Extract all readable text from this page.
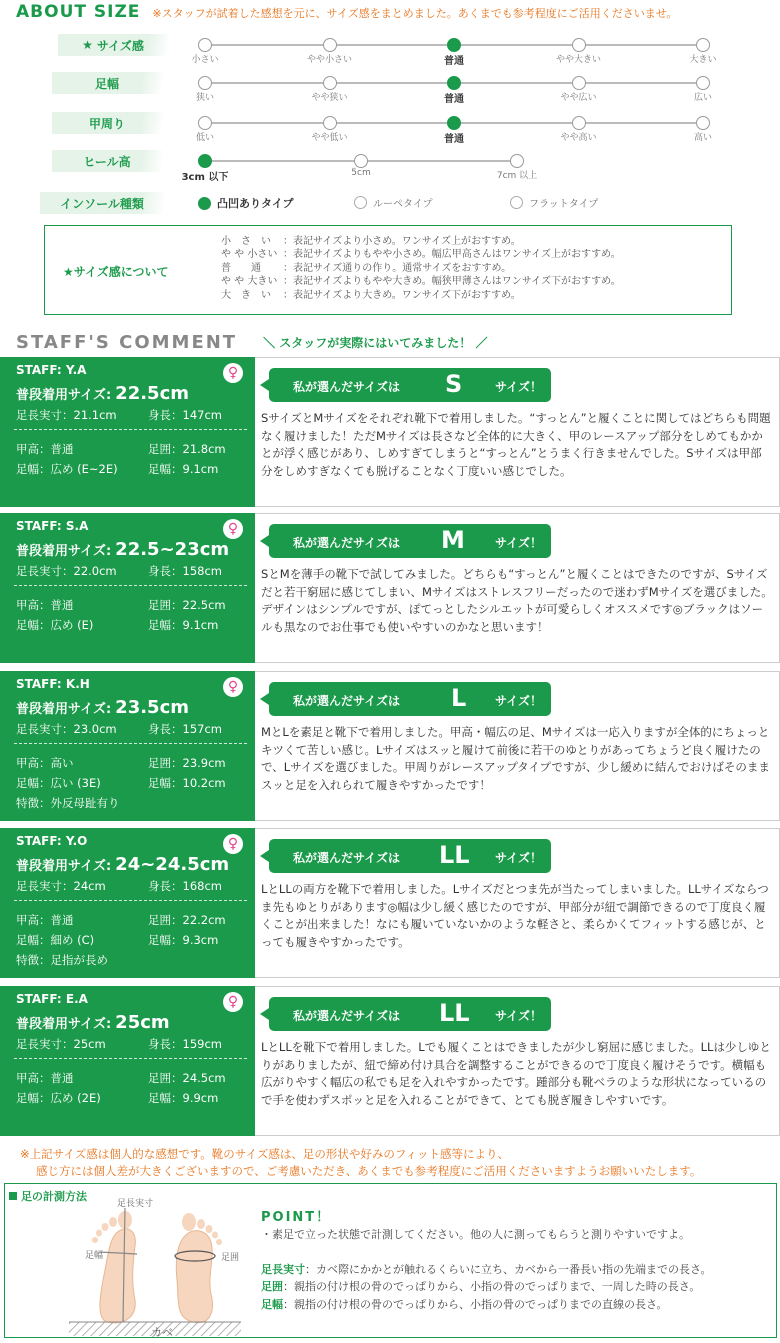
ABOUT SIZE ※スタッフが試着した感想を元に、サイズ感をまとめました。あくまでも参考程度にご活用くださいませ。
★ サイズ感
小さい	やや小さい	普通	やや大きい	大きい
足幅
狭い	やや狭い	普通	やや広い	広い
甲周り
低い	やや低い	普通	やや高い	高い
ヒール高
3cm 以下	5cm	7cm 以上
インソール種類	凸凹ありタイプ	ルーペタイプ	フラットタイプ
★サイズ感について
小　さ　い ：表記サイズより小さめ。ワンサイズ上がおすすめ。
や や 小さい ：表記サイズよりもやや小さめ。幅広甲高さんはワンサイズ上がおすすめ。
普　　通 ：表記サイズ通りの作り。通常サイズをおすすめ。
や や 大きい ：表記サイズよりもやや大きめ。幅狭甲薄さんはワンサイズ下がおすすめ。
大　き　い ：表記サイズより大きめ。ワンサイズ下がおすすめ。
STAFF'S COMMENT ＼ スタッフが実際にはいてみました！ ／
STAFF: Y.A	♀
普段着用サイズ: 22.5cm
足長実寸：21.1cm	身長：147cm
甲高：普通	足囲：21.8cm
足幅：広め (E~2E)	足幅：9.1cm
私が選んだサイズは S	サイズ！
SサイズとMサイズをそれぞれ靴下で着用しました。“すっとん”と履くことに関してはどちらも問題なく履けました！ただMサイズは長さなど全体的に大きく、甲のレースアップ部分をしめてもかかとが浮く感じがあり、しめすぎてしまうと“すっとん”とうまく行きませんでした。Sサイズは甲部分をしめすぎなくても脱げることなく丁度いい感じでした。
STAFF: S.A	♀
普段着用サイズ: 22.5~23cm
足長実寸：22.0cm	身長：158cm
甲高：普通	足囲：22.5cm
足幅：広め (E)	足幅：9.1cm
私が選んだサイズは M	サイズ！
SとMを薄手の靴下で試してみました。どちらも“すっとん”と履くことはできたのですが、Sサイズだと若干窮屈に感じてしまい、Mサイズはストレスフリーだったので迷わずMサイズを選びました。デザインはシンプルですが、ぽてっとしたシルエットが可愛らしくオススメです◎ブラックはソールも黒なのでお仕事でも使いやすいのかなと思います！
STAFF: K.H	♀
普段着用サイズ: 23.5cm
足長実寸：23.0cm	身長：157cm
甲高：高い	足囲：23.9cm
足幅：広い (3E)	足幅：10.2cm
特徴：外反母趾有り
私が選んだサイズは L サイズ！
MとLを素足と靴下で着用しました。甲高・幅広の足、Mサイズは一応入りますが全体的にちょっとキツくて苦しい感じ。Lサイズはスッと履けて前後に若干のゆとりがあってちょうど良く履けたので、Lサイズを選びました。甲周りがレースアップタイプですが、少し緩めに結んでおけばそのままスッと足を入れられて履きやすかったです！
STAFF: Y.O	♀
普段着用サイズ: 24~24.5cm
足長実寸：24cm	身長：168cm
甲高：普通	足囲：22.2cm
足幅：細め (C)	足幅：9.3cm
特徴：足指が長め
私が選んだサイズは LL サイズ！
LとLLの両方を靴下で着用しました。Lサイズだとつま先が当たってしまいました。LLサイズならつま先もゆとりがあります◎幅は少し緩く感じたのですが、甲部分が紐で調節できるので丁度良く履くことが出来ました！なにも履いていないかのような軽さと、柔らかくてフィットする感じが、とっても履きやすかったです。
STAFF: E.A	♀
普段着用サイズ: 25cm
足長実寸：25cm	身長：159cm
甲高：普通	足囲：24.5cm
足幅：広め (2E)	足幅：9.9cm
私が選んだサイズは LL サイズ！
LとLLを靴下で着用しました。Lでも履くことはできましたが少し窮屈に感じました。LLは少しゆとりがありましたが、紐で締め付け具合を調整することができるので丁度良く履けそうです。横幅も広がりやすく幅広の私でも足を入れやすかったです。踵部分も靴ベラのような形状になっているので手を使わずスポッと足を入れることができて、とても脱ぎ履きしやすいです。
※上記サイズ感は個人的な感想です。靴のサイズ感は、足の形状や好みのフィット感等により、
感じ方には個人差が大きくございますので、ご考慮いただき、あくまでも参考程度にご活用くださいますようお願いいたします。
足の計測方法
足長実寸
足幅	足囲
カベ
POINT！
・素足で立った状態で計測してください。他の人に測ってもらうと測りやすいですよ。
足長実寸：カベ際にかかとが触れるくらいに立ち、カベから一番長い指の先端までの長さ。
足囲：親指の付け根の骨のでっぱりから、小指の骨のでっぱりまで、一周した時の長さ。
足幅：親指の付け根の骨のでっぱりから、小指の骨のでっぱりまでの直線の長さ。
